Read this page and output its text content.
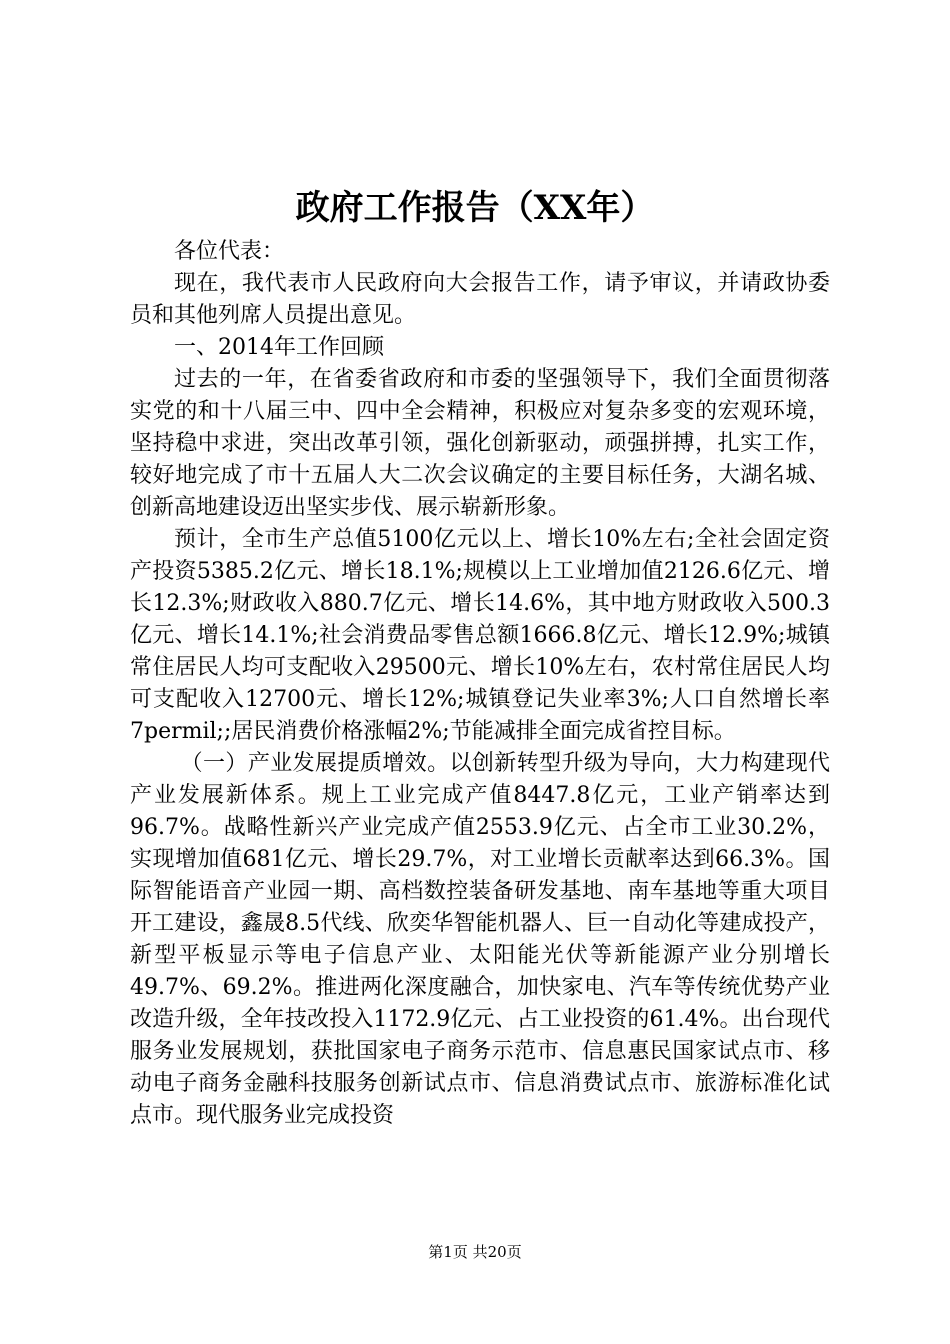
政府工作报告（XX年）

各位代表：

现在，我代表市人民政府向大会报告工作，请予审议，并请政协委员和其他列席人员提出意见。

一、2014年工作回顾

过去的一年，在省委省政府和市委的坚强领导下，我们全面贯彻落实党的和十八届三中、四中全会精神，积极应对复杂多变的宏观环境，坚持稳中求进，突出改革引领，强化创新驱动，顽强拼搏，扎实工作，较好地完成了市十五届人大二次会议确定的主要目标任务，大湖名城、创新高地建设迈出坚实步伐、展示崭新形象。

预计，全市生产总值5100亿元以上、增长10%左右;全社会固定资产投资5385.2亿元、增长18.1%;规模以上工业增加值2126.6亿元、增长12.3%;财政收入880.7亿元、增长14.6%，其中地方财政收入500.3亿元、增长14.1%;社会消费品零售总额1666.8亿元、增长12.9%;城镇常住居民人均可支配收入29500元、增长10%左右，农村常住居民人均可支配收入12700元、增长12%;城镇登记失业率3%;人口自然增长率7permil;;居民消费价格涨幅2%;节能减排全面完成省控目标。

（一）产业发展提质增效。以创新转型升级为导向，大力构建现代产业发展新体系。规上工业完成产值8447.8亿元，工业产销率达到96.7%。战略性新兴产业完成产值2553.9亿元、占全市工业30.2%，实现增加值681亿元、增长29.7%，对工业增长贡献率达到66.3%。国际智能语音产业园一期、高档数控装备研发基地、南车基地等重大项目开工建设，鑫晟8.5代线、欣奕华智能机器人、巨一自动化等建成投产，新型平板显示等电子信息产业、太阳能光伏等新能源产业分别增长49.7%、69.2%。推进两化深度融合，加快家电、汽车等传统优势产业改造升级，全年技改投入1172.9亿元、占工业投资的61.4%。出台现代服务业发展规划，获批国家电子商务示范市、信息惠民国家试点市、移动电子商务金融科技服务创新试点市、信息消费试点市、旅游标准化试点市。现代服务业完成投资

第1页 共20页
